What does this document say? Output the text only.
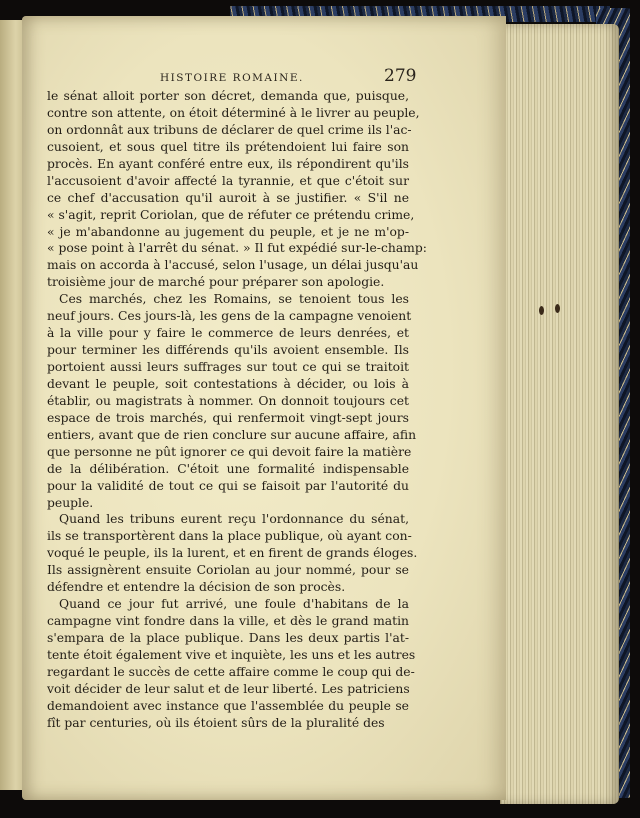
HISTOIRE ROMAINE.	279
le sénat alloit porter son décret, demanda que, puisque,
contre son attente, on étoit déterminé à le livrer au peuple,
on ordonnât aux tribuns de déclarer de quel crime ils l'ac-
cusoient, et sous quel titre ils prétendoient lui faire son
procès. En ayant conféré entre eux, ils répondirent qu'ils
l'accusoient d'avoir affecté la tyrannie, et que c'étoit sur
ce chef d'accusation qu'il auroit à se justifier. « S'il ne
« s'agit, reprit Coriolan, que de réfuter ce prétendu crime,
« je m'abandonne au jugement du peuple, et je ne m'op-
« pose point à l'arrêt du sénat. » Il fut expédié sur-le-champ:
mais on accorda à l'accusé, selon l'usage, un délai jusqu'au
troisième jour de marché pour préparer son apologie.
Ces marchés, chez les Romains, se tenoient tous les
neuf jours. Ces jours-là, les gens de la campagne venoient
à la ville pour y faire le commerce de leurs denrées, et
pour terminer les différends qu'ils avoient ensemble. Ils
portoient aussi leurs suffrages sur tout ce qui se traitoit
devant le peuple, soit contestations à décider, ou lois à
établir, ou magistrats à nommer. On donnoit toujours cet
espace de trois marchés, qui renfermoit vingt-sept jours
entiers, avant que de rien conclure sur aucune affaire, afin
que personne ne pût ignorer ce qui devoit faire la matière
de la délibération. C'étoit une formalité indispensable
pour la validité de tout ce qui se faisoit par l'autorité du
peuple.
Quand les tribuns eurent reçu l'ordonnance du sénat,
ils se transportèrent dans la place publique, où ayant con-
voqué le peuple, ils la lurent, et en firent de grands éloges.
Ils assignèrent ensuite Coriolan au jour nommé, pour se
défendre et entendre la décision de son procès.
Quand ce jour fut arrivé, une foule d'habitans de la
campagne vint fondre dans la ville, et dès le grand matin
s'empara de la place publique. Dans les deux partis l'at-
tente étoit également vive et inquiète, les uns et les autres
regardant le succès de cette affaire comme le coup qui de-
voit décider de leur salut et de leur liberté. Les patriciens
demandoient avec instance que l'assemblée du peuple se
fît par centuries, où ils étoient sûrs de la pluralité des
